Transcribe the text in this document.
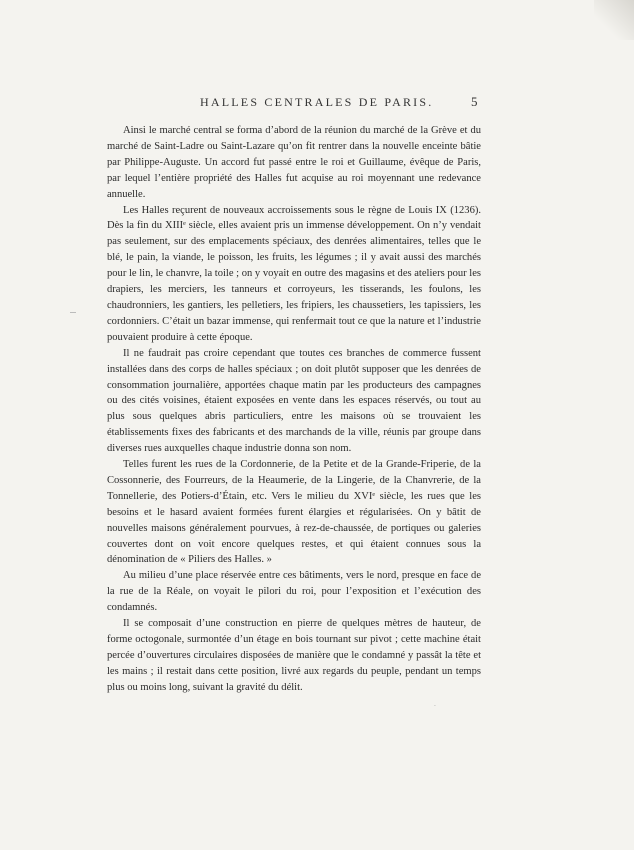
HALLES CENTRALES DE PARIS.	5

Ainsi le marché central se forma d’abord de la réunion du marché de la Grève et du marché de Saint-Ladre ou Saint-Lazare qu’on fit rentrer dans la nouvelle enceinte bâtie par Philippe-Auguste. Un accord fut passé entre le roi et Guillaume, évêque de Paris, par lequel l’entière propriété des Halles fut acquise au roi moyennant une redevance annuelle.

Les Halles reçurent de nouveaux accroissements sous le règne de Louis IX (1236). Dès la fin du XIIIᵉ siècle, elles avaient pris un immense développement. On n’y vendait pas seulement, sur des emplacements spéciaux, des denrées alimentaires, telles que le blé, le pain, la viande, le poisson, les fruits, les légumes ; il y avait aussi des marchés pour le lin, le chanvre, la toile ; on y voyait en outre des magasins et des ateliers pour les drapiers, les merciers, les tanneurs et corroyeurs, les tisserands, les foulons, les chaudronniers, les gantiers, les pelletiers, les fripiers, les chaussetiers, les tapissiers, les cordonniers. C’était un bazar immense, qui renfermait tout ce que la nature et l’industrie pouvaient produire à cette époque.

Il ne faudrait pas croire cependant que toutes ces branches de commerce fussent installées dans des corps de halles spéciaux ; on doit plutôt supposer que les denrées de consommation journalière, apportées chaque matin par les producteurs des campagnes ou des cités voisines, étaient exposées en vente dans les espaces réservés, ou tout au plus sous quelques abris particuliers, entre les maisons où se trouvaient les établissements fixes des fabricants et des marchands de la ville, réunis par groupe dans diverses rues auxquelles chaque industrie donna son nom.

Telles furent les rues de la Cordonnerie, de la Petite et de la Grande-Friperie, de la Cossonnerie, des Fourreurs, de la Heaumerie, de la Lingerie, de la Chanvrerie, de la Tonnellerie, des Potiers-d’Étain, etc. Vers le milieu du XVIᵉ siècle, les rues que les besoins et le hasard avaient formées furent élargies et régularisées. On y bâtit de nouvelles maisons généralement pourvues, à rez-de-chaussée, de portiques ou galeries couvertes dont on voit encore quelques restes, et qui étaient connues sous la dénomination de « Piliers des Halles. »

Au milieu d’une place réservée entre ces bâtiments, vers le nord, presque en face de la rue de la Réale, on voyait le pilori du roi, pour l’exposition et l’exécution des condamnés.

Il se composait d’une construction en pierre de quelques mètres de hauteur, de forme octogonale, surmontée d’un étage en bois tournant sur pivot ; cette machine était percée d’ouvertures circulaires disposées de manière que le condamné y passât la tête et les mains ; il restait dans cette position, livré aux regards du peuple, pendant un temps plus ou moins long, suivant la gravité du délit.

·
